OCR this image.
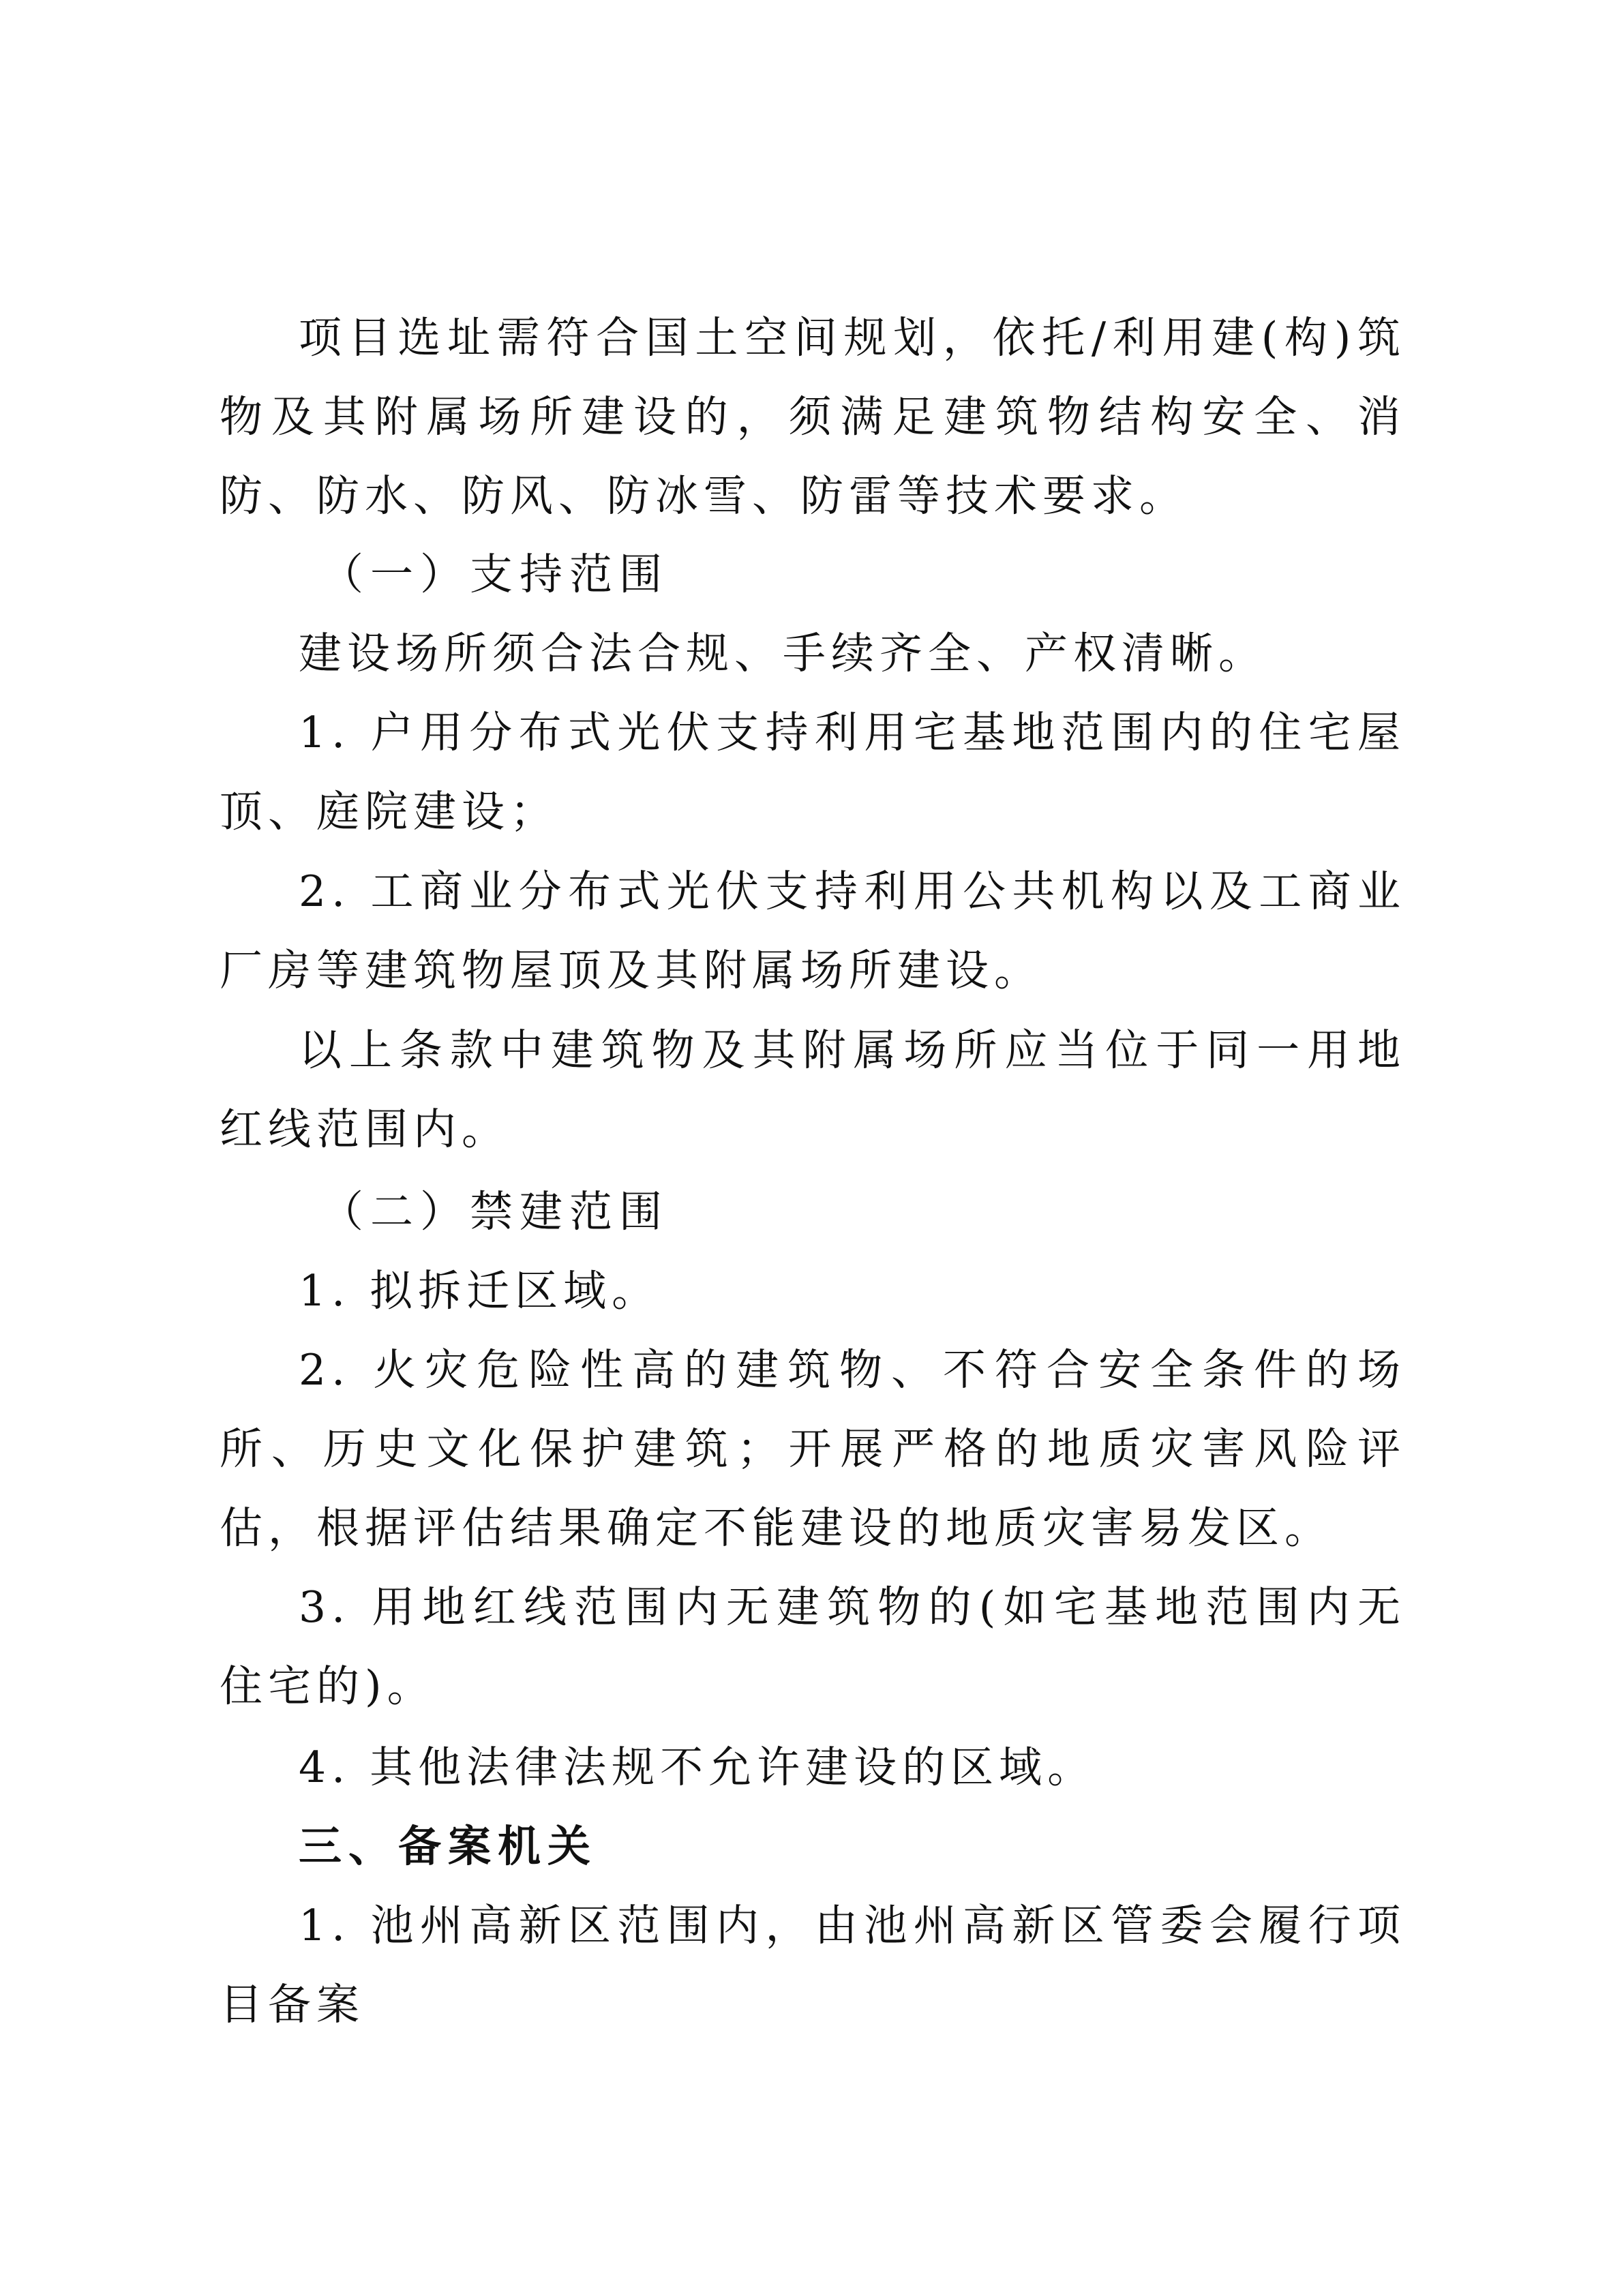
项目选址需符合国土空间规划，依托/利用建(构)筑物及其附属场所建设的，须满足建筑物结构安全、消防、防水、防风、防冰雪、防雷等技术要求。

（一）支持范围

建设场所须合法合规、手续齐全、产权清晰。

1. 户用分布式光伏支持利用宅基地范围内的住宅屋顶、庭院建设；

2. 工商业分布式光伏支持利用公共机构以及工商业厂房等建筑物屋顶及其附属场所建设。

以上条款中建筑物及其附属场所应当位于同一用地红线范围内。

（二）禁建范围

1. 拟拆迁区域。

2. 火灾危险性高的建筑物、不符合安全条件的场所、历史文化保护建筑；开展严格的地质灾害风险评估，根据评估结果确定不能建设的地质灾害易发区。

3. 用地红线范围内无建筑物的(如宅基地范围内无住宅的)。

4. 其他法律法规不允许建设的区域。

三、备案机关

1. 池州高新区范围内，由池州高新区管委会履行项目备案
